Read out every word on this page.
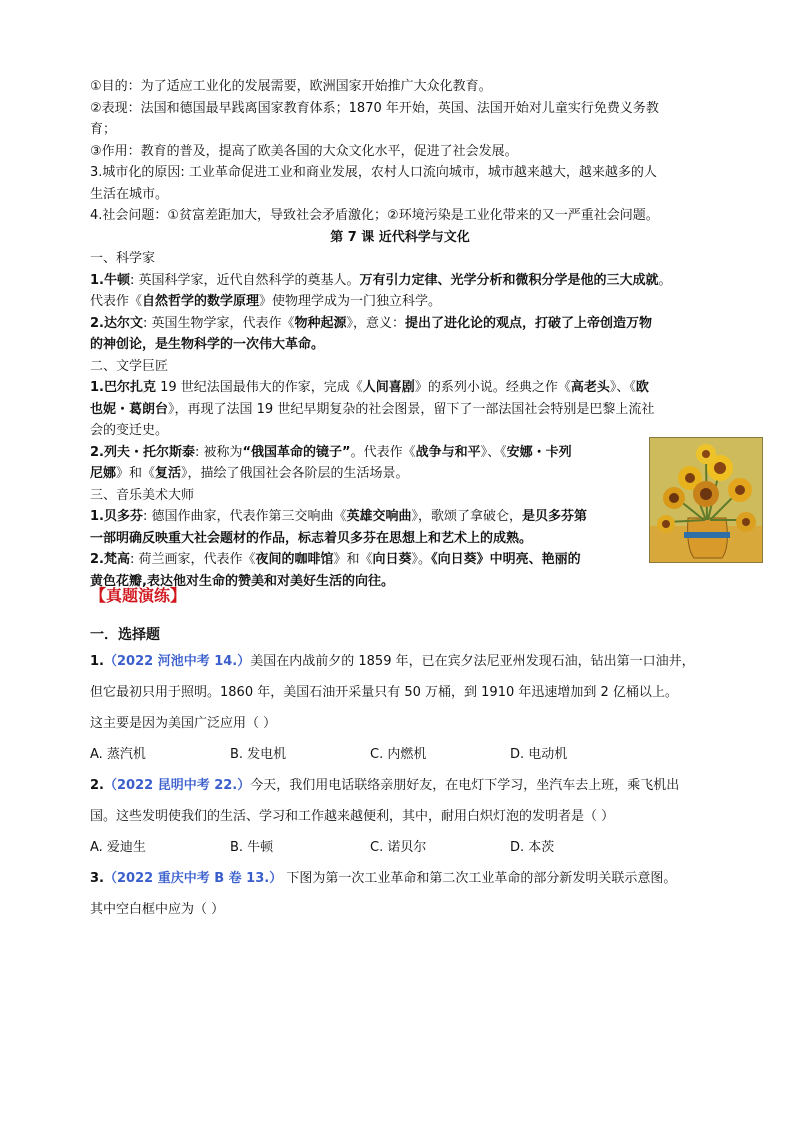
①目的：为了适应工业化的发展需要，欧洲国家开始推广大众化教育。

②表现：法国和德国最早践离国家教育体系；1870 年开始，英国、法国开始对儿童实行免费义务教
育；

③作用：教育的普及，提高了欧美各国的大众文化水平，促进了社会发展。

3.城市化的原因: 工业革命促进工业和商业发展，农村人口流向城市，城市越来越大，越来越多的人
生活在城市。

4.社会问题：①贫富差距加大，导致社会矛盾激化；②环境污染是工业化带来的又一严重社会问题。

第 7 课 近代科学与文化

一、科学家

1.牛顿: 英国科学家，近代自然科学的奠基人。万有引力定律、光学分析和微积分学是他的三大成就。
代表作《自然哲学的数学原理》使物理学成为一门独立科学。

2.达尔文: 英国生物学家，代表作《物种起源》，意义：提出了进化论的观点，打破了上帝创造万物
的神创论，是生物科学的一次伟大革命。

二、文学巨匠

1.巴尔扎克 19 世纪法国最伟大的作家，完成《人间喜剧》的系列小说。经典之作《高老头》、《欧
也妮・葛朗台》，再现了法国 19 世纪早期复杂的社会图景，留下了一部法国社会特别是巴黎上流社
会的变迁史。

2.列夫・托尔斯泰: 被称为“俄国革命的镜子”。代表作《战争与和平》、《安娜・卡列
尼娜》和《复活》，描绘了俄国社会各阶层的生活场景。

三、音乐美术大师

1.贝多芬: 德国作曲家，代表作第三交响曲《英雄交响曲》，歌颂了拿破仑，是贝多芬第
一部明确反映重大社会题材的作品，标志着贝多芬在思想上和艺术上的成熟。

2.梵高: 荷兰画家，代表作《夜间的咖啡馆》和《向日葵》。《向日葵》中明亮、艳丽的
黄色花瓣,表达他对生命的赞美和对美好生活的向往。

【真题演练】

一．选择题

1.（2022 河池中考 14.）美国在内战前夕的 1859 年，已在宾夕法尼亚州发现石油，钻出第一口油井，

但它最初只用于照明。1860 年，美国石油开采量只有 50 万桶，到 1910 年迅速增加到 2 亿桶以上。

这主要是因为美国广泛应用（ ）

A. 蒸汽机	B. 发电机	C. 内燃机	D. 电动机

2.（2022 昆明中考 22.）今天，我们用电话联络亲朋好友，在电灯下学习，坐汽车去上班，乘飞机出

国。这些发明使我们的生活、学习和工作越来越便利，其中，耐用白炽灯泡的发明者是（ ）

A. 爱迪生	B. 牛顿	C. 诺贝尔	D. 本茨

3.（2022 重庆中考 B 卷 13.） 下图为第一次工业革命和第二次工业革命的部分新发明关联示意图。

其中空白框中应为（ ）
